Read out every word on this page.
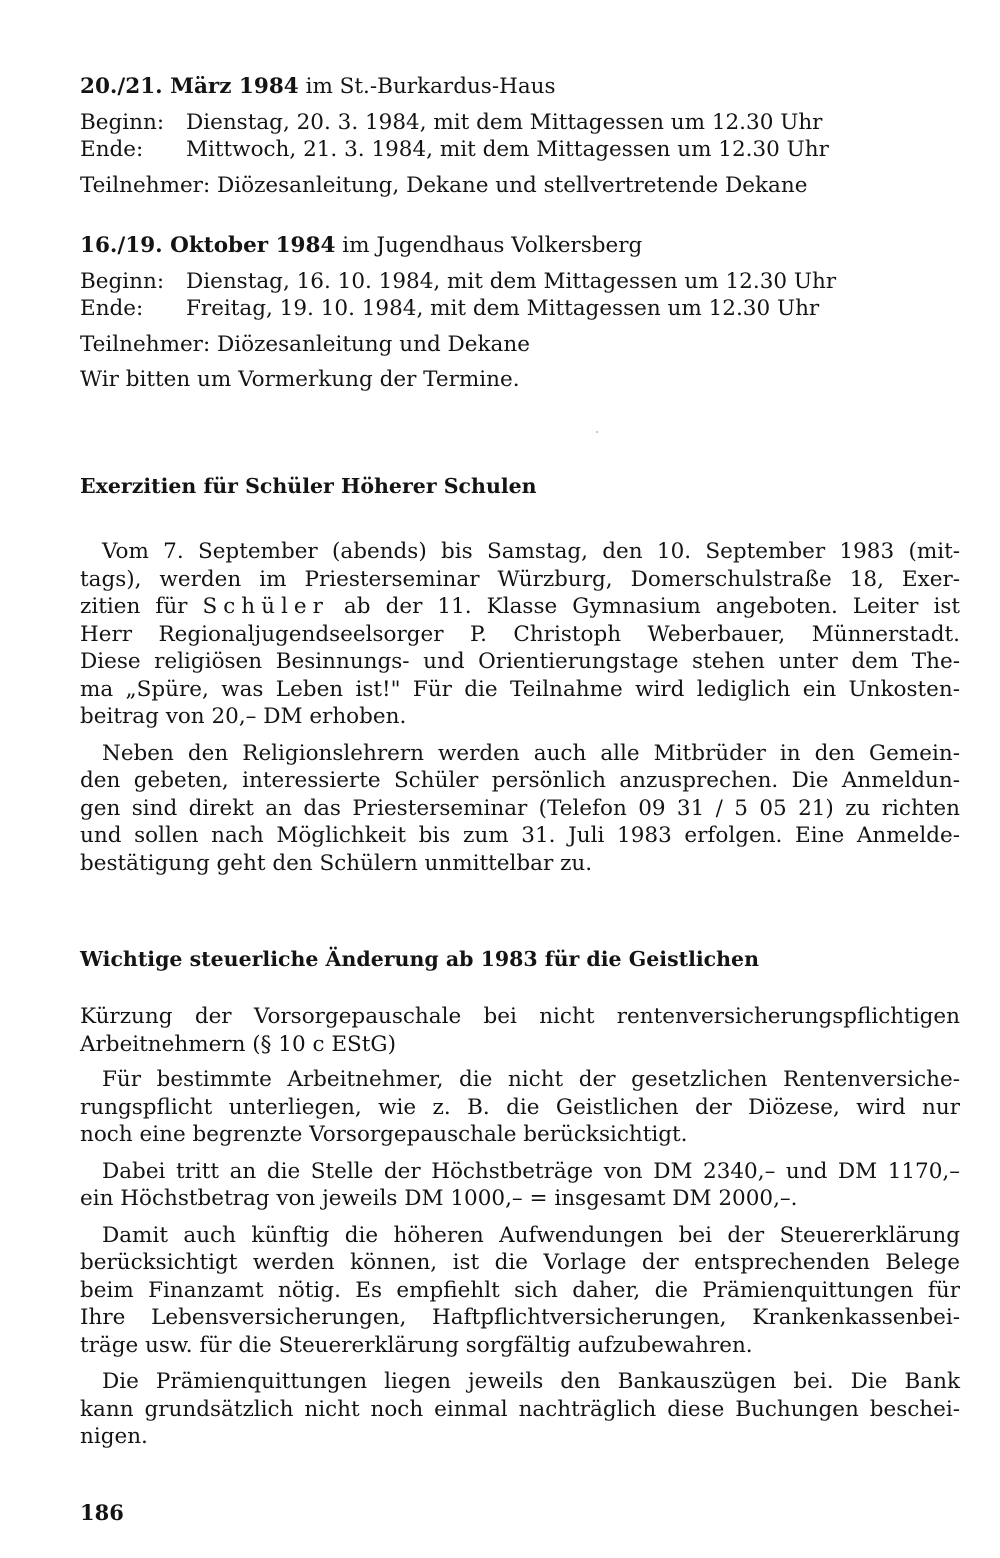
20./21. März 1984 im St.-Burkardus-Haus

Beginn:	Dienstag, 20. 3. 1984, mit dem Mittagessen um 12.30 Uhr
Ende:	Mittwoch, 21. 3. 1984, mit dem Mittagessen um 12.30 Uhr

Teilnehmer: Diözesanleitung, Dekane und stellvertretende Dekane

16./19. Oktober 1984 im Jugendhaus Volkersberg

Beginn:	Dienstag, 16. 10. 1984, mit dem Mittagessen um 12.30 Uhr
Ende:	Freitag, 19. 10. 1984, mit dem Mittagessen um 12.30 Uhr

Teilnehmer: Diözesanleitung und Dekane

Wir bitten um Vormerkung der Termine.

Exerzitien für Schüler Höherer Schulen

Vom 7. September (abends) bis Samstag, den 10. September 1983 (mit-
tags), werden im Priesterseminar Würzburg, Domerschulstraße 18, Exer-
zitien für Schüler ab der 11. Klasse Gymnasium angeboten. Leiter ist
Herr Regionaljugendseelsorger P. Christoph Weberbauer, Münnerstadt.
Diese religiösen Besinnungs- und Orientierungstage stehen unter dem The-
ma „Spüre, was Leben ist!" Für die Teilnahme wird lediglich ein Unkosten-
beitrag von 20,– DM erhoben.
Neben den Religionslehrern werden auch alle Mitbrüder in den Gemein-
den gebeten, interessierte Schüler persönlich anzusprechen. Die Anmeldun-
gen sind direkt an das Priesterseminar (Telefon 09 31 / 5 05 21) zu richten
und sollen nach Möglichkeit bis zum 31. Juli 1983 erfolgen. Eine Anmelde-
bestätigung geht den Schülern unmittelbar zu.

Wichtige steuerliche Änderung ab 1983 für die Geistlichen

Kürzung der Vorsorgepauschale bei nicht rentenversicherungspflichtigen
Arbeitnehmern (§ 10 c EStG)
Für bestimmte Arbeitnehmer, die nicht der gesetzlichen Rentenversiche-
rungspflicht unterliegen, wie z. B. die Geistlichen der Diözese, wird nur
noch eine begrenzte Vorsorgepauschale berücksichtigt.
Dabei tritt an die Stelle der Höchstbeträge von DM 2340,– und DM 1170,–
ein Höchstbetrag von jeweils DM 1000,– = insgesamt DM 2000,–.
Damit auch künftig die höheren Aufwendungen bei der Steuererklärung
berücksichtigt werden können, ist die Vorlage der entsprechenden Belege
beim Finanzamt nötig. Es empfiehlt sich daher, die Prämienquittungen für
Ihre Lebensversicherungen, Haftpflichtversicherungen, Krankenkassenbei-
träge usw. für die Steuererklärung sorgfältig aufzubewahren.
Die Prämienquittungen liegen jeweils den Bankauszügen bei. Die Bank
kann grundsätzlich nicht noch einmal nachträglich diese Buchungen beschei-
nigen.
186
